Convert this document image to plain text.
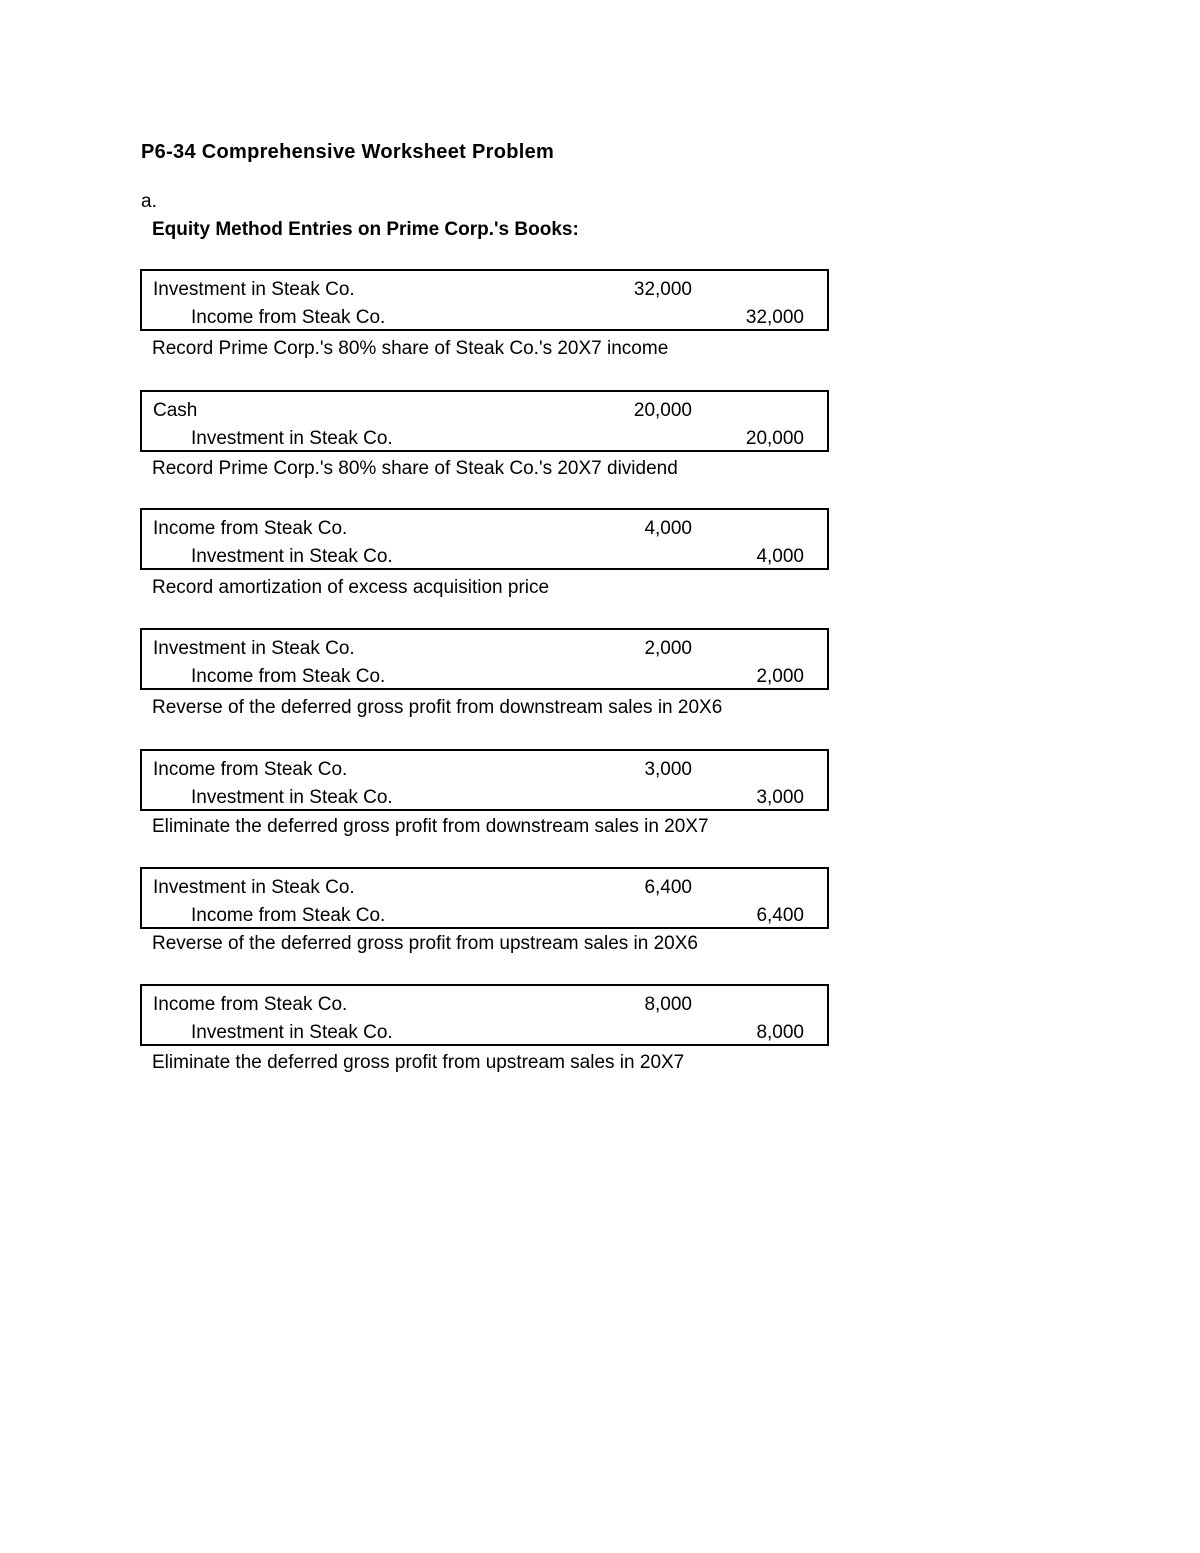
P6-34 Comprehensive Worksheet Problem
a.
Equity Method Entries on Prime Corp.'s Books:
Investment in Steak Co.	32,000
Income from Steak Co.	32,000
Record Prime Corp.'s 80% share of Steak Co.'s 20X7 income
Cash	20,000
Investment in Steak Co.	20,000
Record Prime Corp.'s 80% share of Steak Co.'s 20X7 dividend
Income from Steak Co.	4,000
Investment in Steak Co.	4,000
Record amortization of excess acquisition price
Investment in Steak Co.	2,000
Income from Steak Co.	2,000
Reverse of the deferred gross profit from downstream sales in 20X6
Income from Steak Co.	3,000
Investment in Steak Co.	3,000
Eliminate the deferred gross profit from downstream sales in 20X7
Investment in Steak Co.	6,400
Income from Steak Co.	6,400
Reverse of the deferred gross profit from upstream sales in 20X6
Income from Steak Co.	8,000
Investment in Steak Co.	8,000
Eliminate the deferred gross profit from upstream sales in 20X7
